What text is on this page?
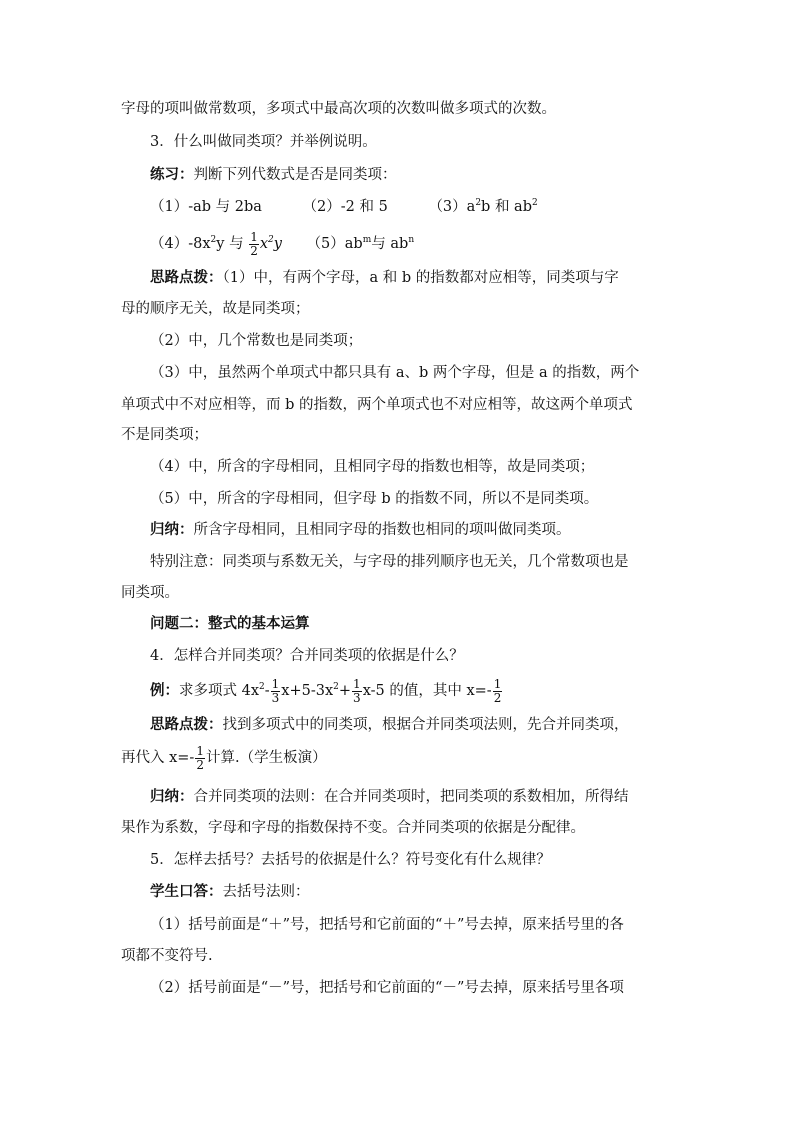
字母的项叫做常数项，多项式中最高次项的次数叫做多项式的次数。
3．什么叫做同类项？并举例说明。
练习：判断下列代数式是否是同类项：
（1）-ab 与 2ba	（2）-2 和 5	$(3)a^2b$ 和 $ab^2$
$(4)-8x^2y$ 与 $\frac{1}{2} x^2y$ $(5)ab^m$与 $ab^n$
思路点拨：（1）中，有两个字母，a 和 b 的指数都对应相等，同类项与字
母的顺序无关，故是同类项；
（2）中，几个常数也是同类项；
（3）中，虽然两个单项式中都只具有 a、b 两个字母，但是 a 的指数，两个
单项式中不对应相等，而 b 的指数，两个单项式也不对应相等，故这两个单项式
不是同类项；
（4）中，所含的字母相同，且相同字母的指数也相等，故是同类项；
（5）中，所含的字母相同，但字母 b 的指数不同，所以不是同类项。
归纳：所含字母相同，且相同字母的指数也相同的项叫做同类项。
特别注意：同类项与系数无关，与字母的排列顺序也无关，几个常数项也是
同类项。
问题二：整式的基本运算
4．怎样合并同类项？合并同类项的依据是什么？
例：求多项式 $4x^2- \frac{1}{3} x+5-3x^2+ \frac{1}{3} x-5$ 的值，其中 $x=- \frac{1}{2}$
思路点拨：找到多项式中的同类项，根据合并同类项法则，先合并同类项，
再代入 $x=- \frac{1}{2}$ 计算.（学生板演）
归纳：合并同类项的法则：在合并同类项时，把同类项的系数相加，所得结
果作为系数，字母和字母的指数保持不变。合并同类项的依据是分配律。
5．怎样去括号？去括号的依据是什么？符号变化有什么规律？
学生口答：去括号法则：
（1）括号前面是“＋”号，把括号和它前面的“＋”号去掉，原来括号里的各
项都不变符号.
（2）括号前面是“－”号，把括号和它前面的“－”号去掉，原来括号里各项
